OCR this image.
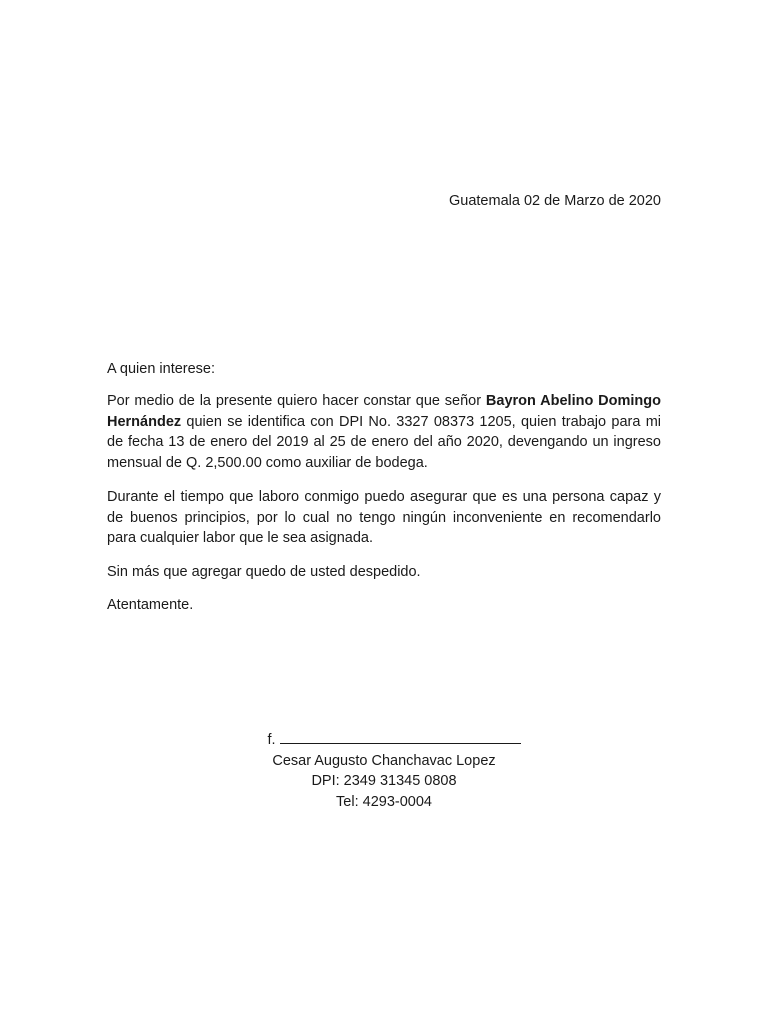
Guatemala 02 de Marzo de 2020
A quien interese:
Por medio de la presente quiero hacer constar que señor Bayron Abelino Domingo Hernández quien se identifica con DPI No. 3327 08373 1205, quien trabajo para mi de fecha 13 de enero del 2019 al 25 de enero del año 2020, devengando un ingreso mensual de Q. 2,500.00 como auxiliar de bodega.
Durante el tiempo que laboro conmigo puedo asegurar que es una persona capaz y de buenos principios, por lo cual no tengo ningún inconveniente en recomendarlo para cualquier labor que le sea asignada.
Sin más que agregar quedo de usted despedido.
Atentamente.
f.
Cesar Augusto Chanchavac Lopez
DPI: 2349 31345 0808
Tel: 4293-0004
